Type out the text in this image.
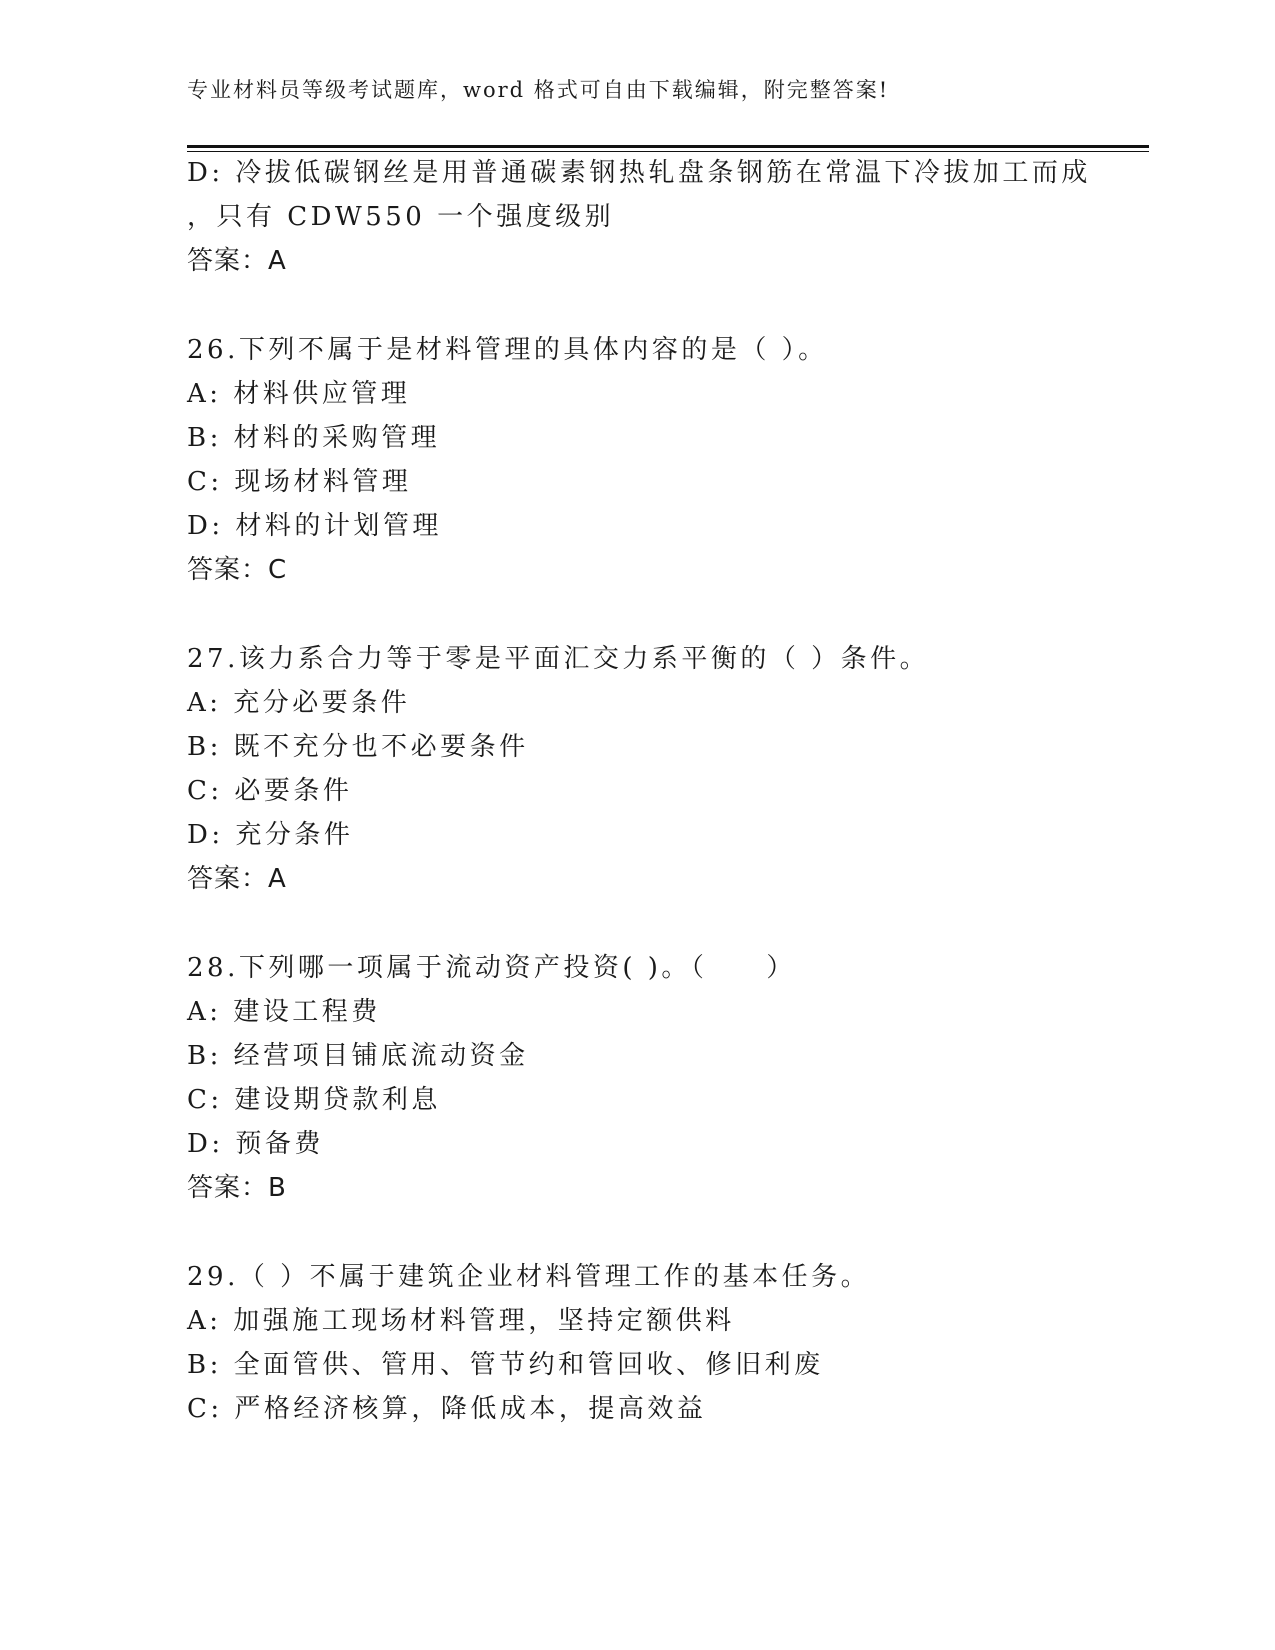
专业材料员等级考试题库，word 格式可自由下载编辑，附完整答案!
D: 冷拔低碳钢丝是用普通碳素钢热轧盘条钢筋在常温下冷拔加工而成
，只有 CDW550 一个强度级别
答案：A
26.下列不属于是材料管理的具体内容的是（ ）。
A: 材料供应管理
B: 材料的采购管理
C: 现场材料管理
D: 材料的计划管理
答案：C
27.该力系合力等于零是平面汇交力系平衡的（ ）条件。
A: 充分必要条件
B: 既不充分也不必要条件
C: 必要条件
D: 充分条件
答案：A
28.下列哪一项属于流动资产投资( )。（　　）
A: 建设工程费
B: 经营项目铺底流动资金
C: 建设期贷款利息
D: 预备费
答案：B
29.（ ）不属于建筑企业材料管理工作的基本任务。
A: 加强施工现场材料管理，坚持定额供料
B: 全面管供、管用、管节约和管回收、修旧利废
C: 严格经济核算，降低成本，提高效益
